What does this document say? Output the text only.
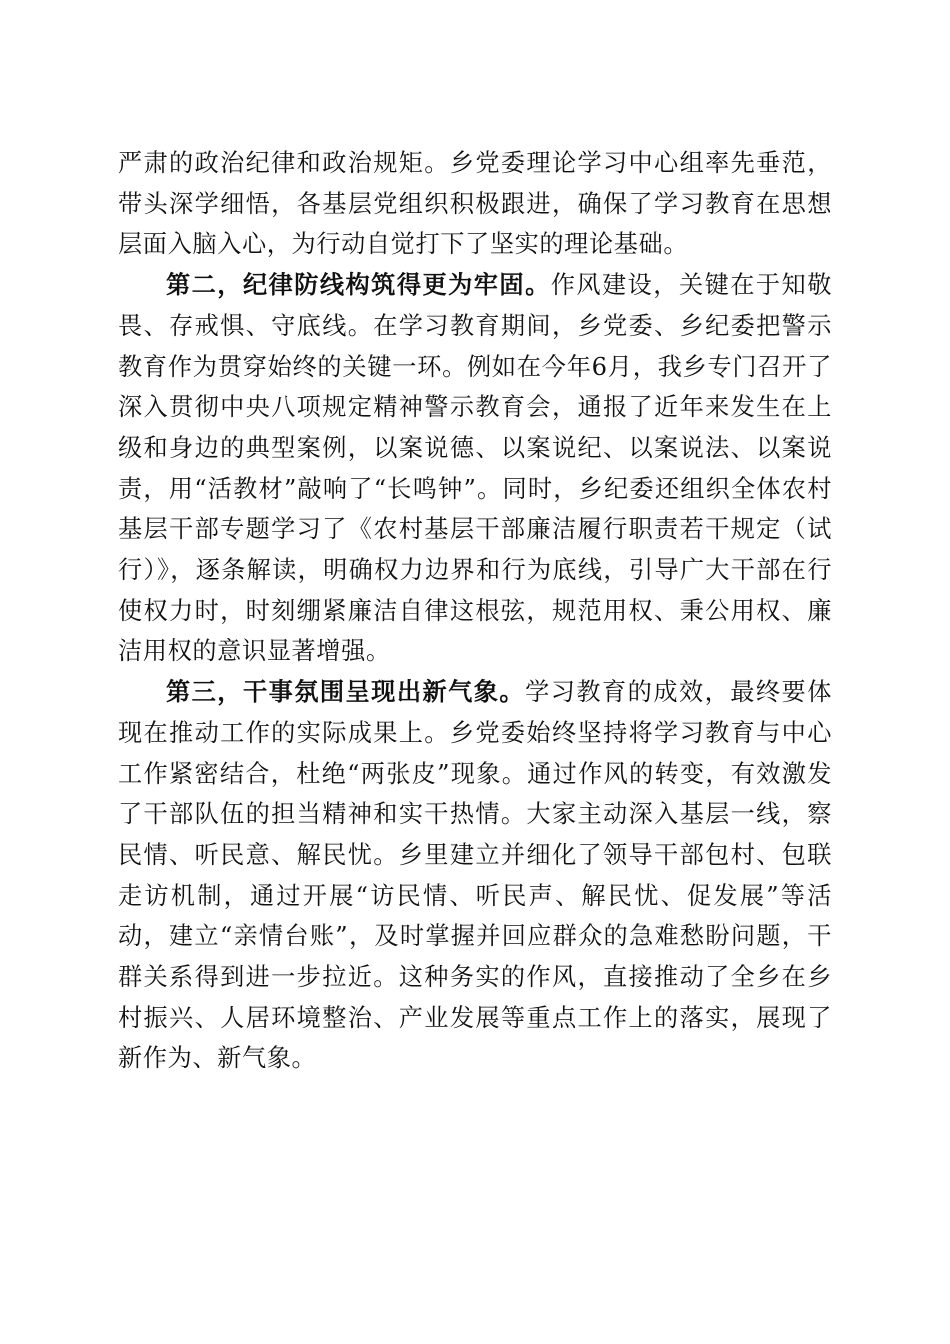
严肃的政治纪律和政治规矩。乡党委理论学习中心组率先垂范，带头深学细悟，各基层党组织积极跟进，确保了学习教育在思想层面入脑入心，为行动自觉打下了坚实的理论基础。

第二，纪律防线构筑得更为牢固。作风建设，关键在于知敬畏、存戒惧、守底线。在学习教育期间，乡党委、乡纪委把警示教育作为贯穿始终的关键一环。例如在今年6月，我乡专门召开了深入贯彻中央八项规定精神警示教育会，通报了近年来发生在上级和身边的典型案例，以案说德、以案说纪、以案说法、以案说责，用“活教材”敲响了“长鸣钟”。同时，乡纪委还组织全体农村基层干部专题学习了《农村基层干部廉洁履行职责若干规定（试行）》，逐条解读，明确权力边界和行为底线，引导广大干部在行使权力时，时刻绷紧廉洁自律这根弦，规范用权、秉公用权、廉洁用权的意识显著增强。

第三，干事氛围呈现出新气象。学习教育的成效，最终要体现在推动工作的实际成果上。乡党委始终坚持将学习教育与中心工作紧密结合，杜绝“两张皮”现象。通过作风的转变，有效激发了干部队伍的担当精神和实干热情。大家主动深入基层一线，察民情、听民意、解民忧。乡里建立并细化了领导干部包村、包联走访机制，通过开展“访民情、听民声、解民忧、促发展”等活动，建立“亲情台账”，及时掌握并回应群众的急难愁盼问题，干群关系得到进一步拉近。这种务实的作风，直接推动了全乡在乡村振兴、人居环境整治、产业发展等重点工作上的落实，展现了新作为、新气象。
